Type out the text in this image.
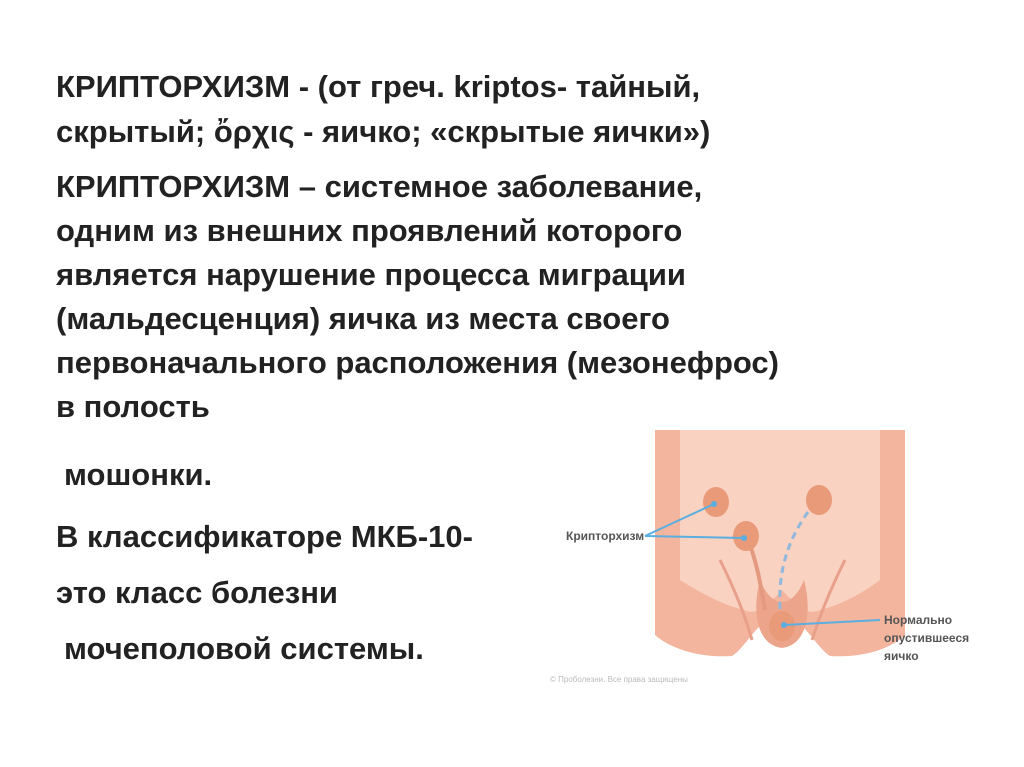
КРИПТОРХИЗМ - (от греч. kriptos- тайный,

скрытый; ὄρχις - яичко; «скрытые яички»)

КРИПТОРХИЗМ – системное заболевание,

одним из внешних проявлений которого

является нарушение процесса миграции

(мальдесценция) яичка из места своего

первоначального расположения (мезонефрос)

в полость

мошонки.

В классификаторе МКБ-10-

это класс болезни

мочеполовой системы.

Крипторхизм
Нормально
опустившееся
яичко
© Проболезни. Все права защищены
